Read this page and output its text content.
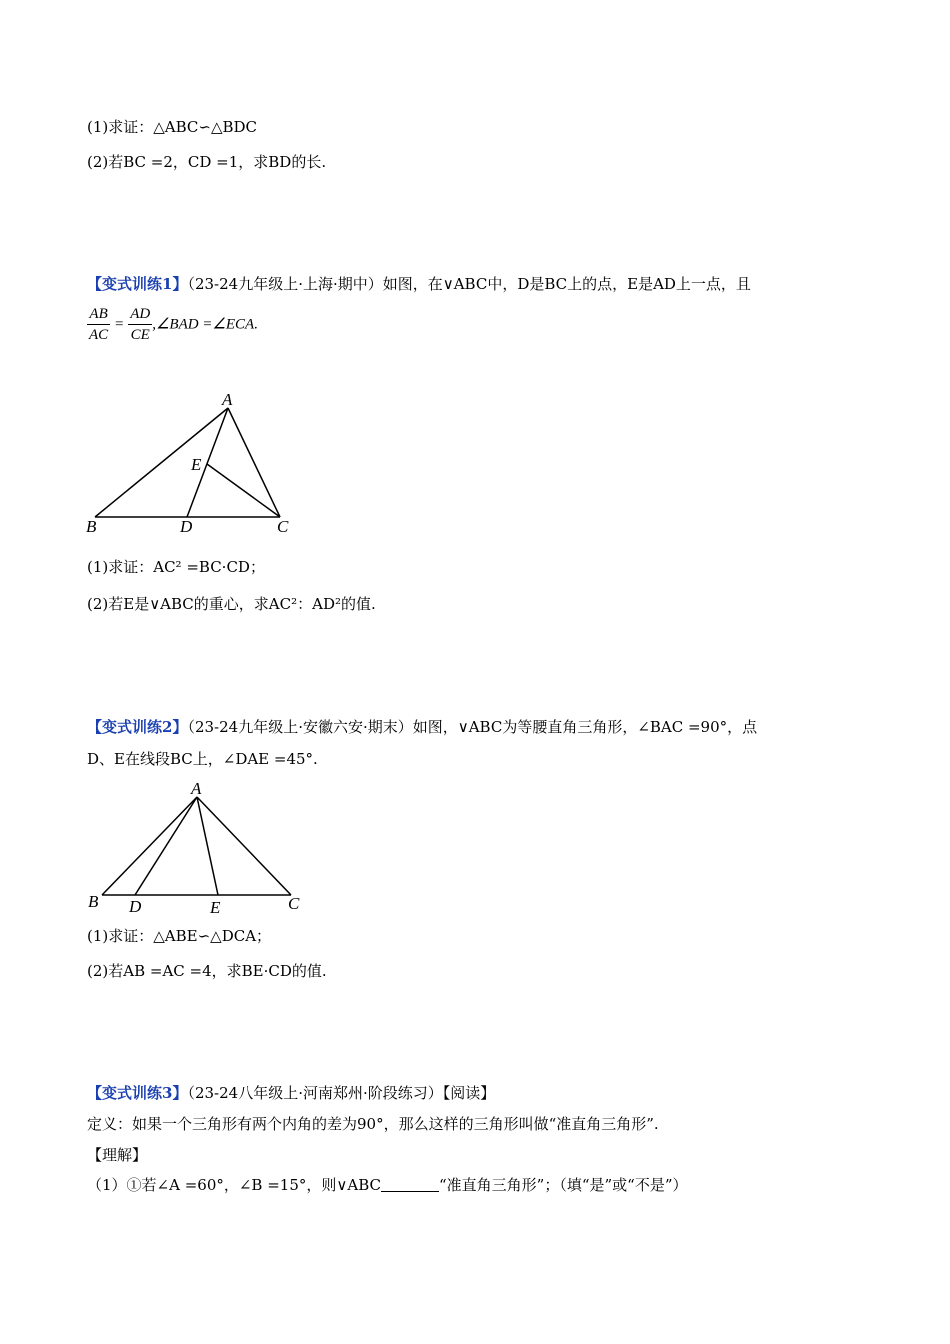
(1)求证：△ABC∽△BDC
(2)若BC =2，CD =1，求BD的长.
【变式训练1】（23-24九年级上·上海·期中）如图，在∨ABC中，D是BC上的点，E是AD上一点，且
$\frac{AB}{AC} = \frac{AD}{CE}$ ,∠BAD =∠ECA.
A
B	D	C
E
(1)求证：AC² =BC·CD；
(2)若E是∨ABC的重心，求AC²：AD²的值.
【变式训练2】（23-24九年级上·安徽六安·期末）如图，∨ABC为等腰直角三角形，∠BAC =90°，点
D、E在线段BC上，∠DAE =45°.
A
B D	E	C
(1)求证：△ABE∽△DCA；
(2)若AB =AC =4，求BE·CD的值.
【变式训练3】（23-24八年级上·河南郑州·阶段练习）【阅读】
定义：如果一个三角形有两个内角的差为90°，那么这样的三角形叫做“准直角三角形”.
【理解】
（1）①若∠A =60°，∠B =15°，则∨ABC	“准直角三角形”；（填“是”或“不是”）
